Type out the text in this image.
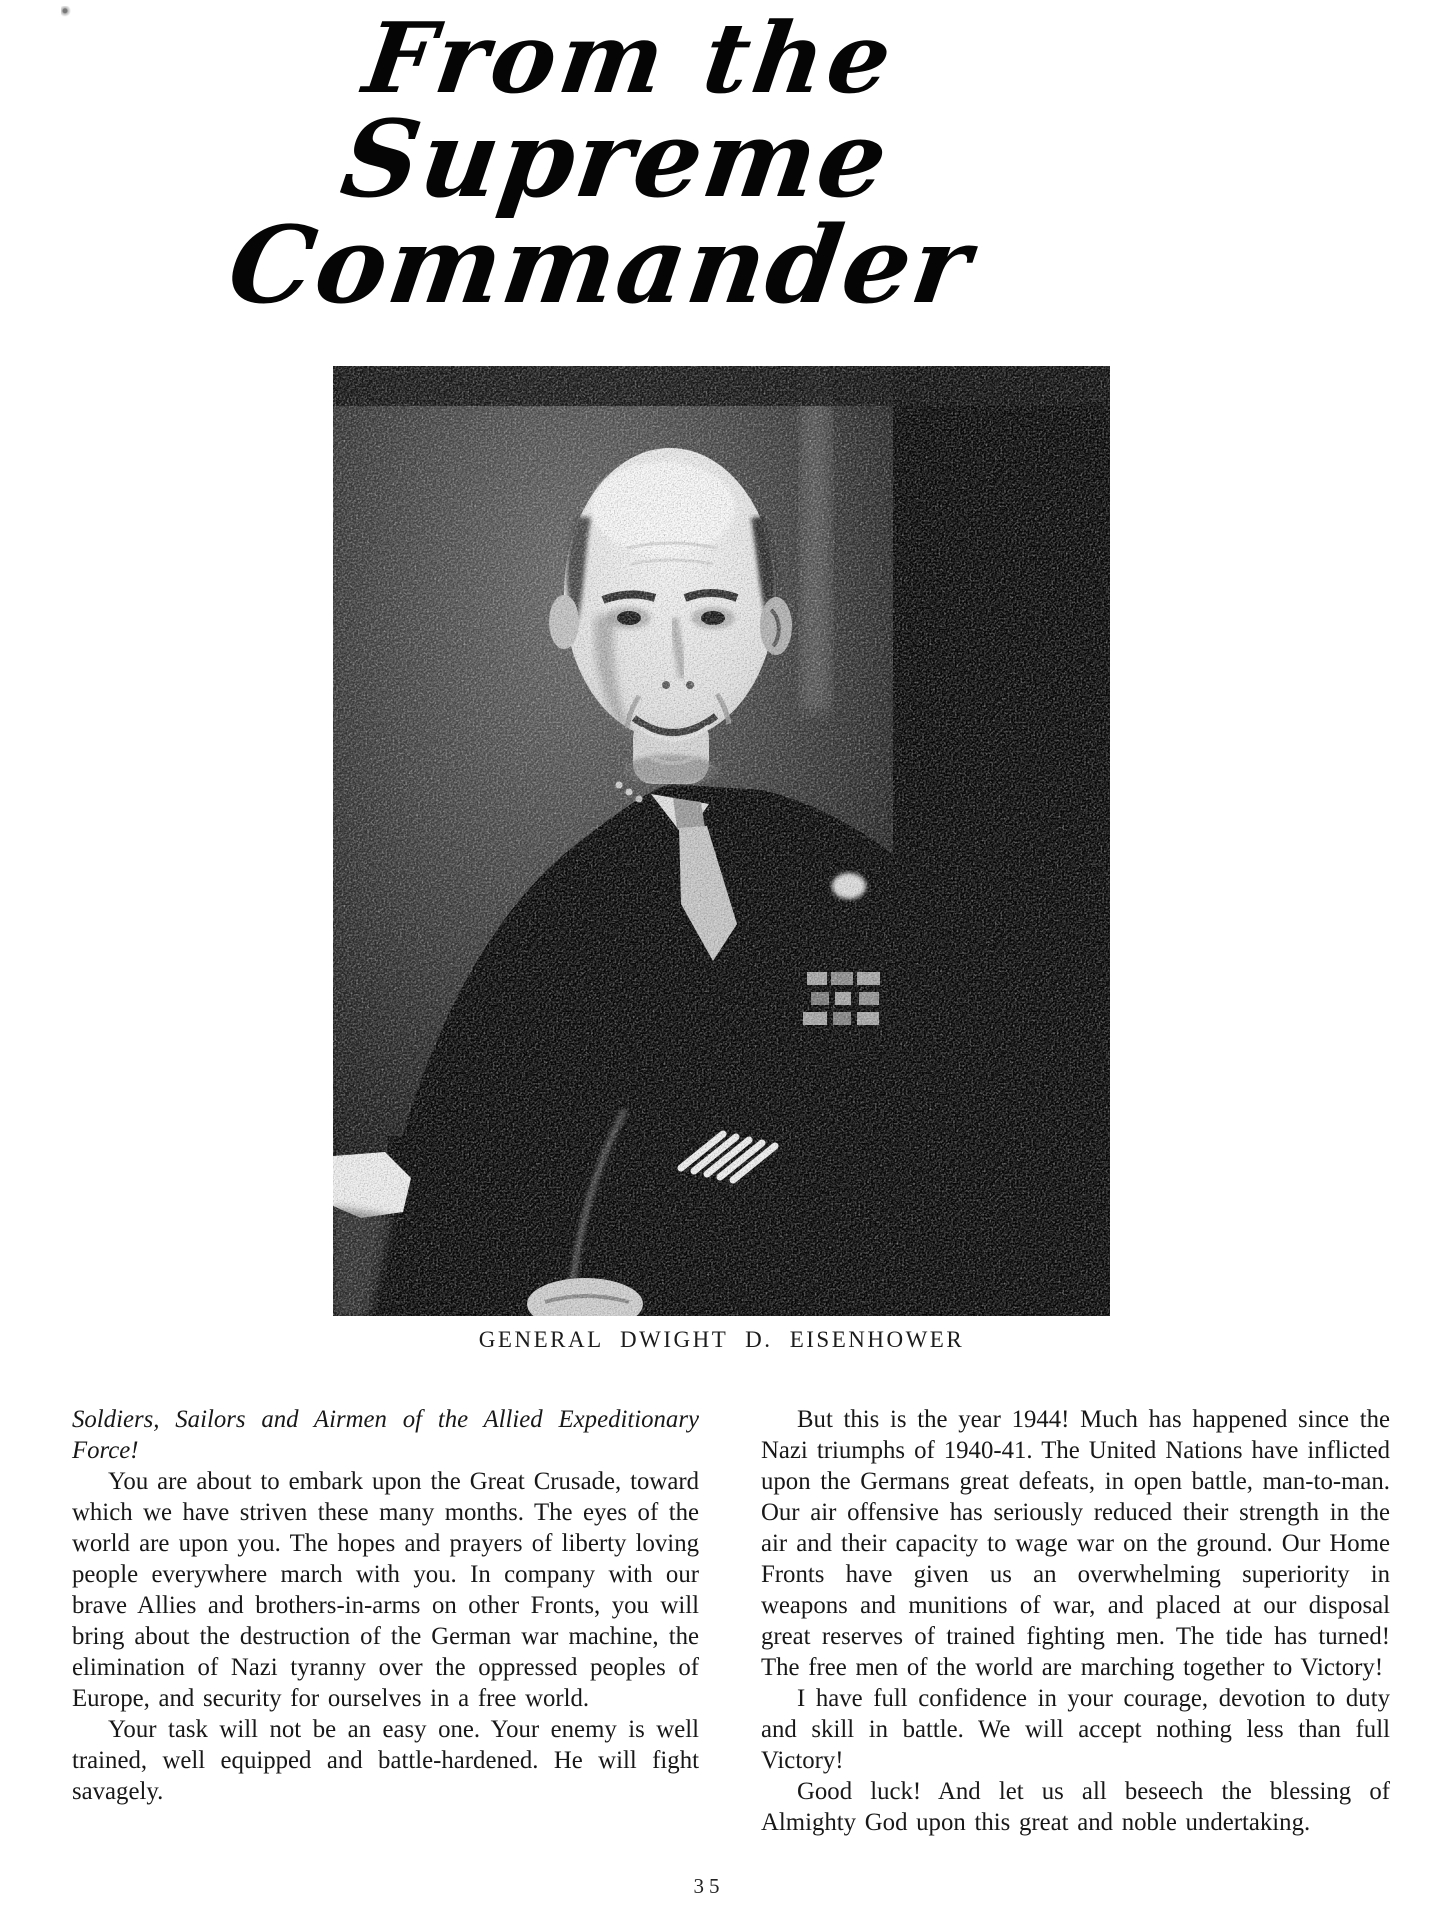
From the
Supreme Commander
GENERAL DWIGHT D. EISENHOWER

Soldiers, Sailors and Airmen of the Allied Expeditionary Force!

You are about to embark upon the Great Crusade, toward which we have striven these many months. The eyes of the world are upon you. The hopes and prayers of liberty loving people everywhere march with you. In company with our brave Allies and brothers-in-arms on other Fronts, you will bring about the destruction of the German war machine, the elimination of Nazi tyranny over the oppressed peoples of Europe, and security for ourselves in a free world.

Your task will not be an easy one. Your enemy is well trained, well equipped and battle-hardened. He will fight savagely.

But this is the year 1944! Much has happened since the Nazi triumphs of 1940-41. The United Nations have inflicted upon the Germans great defeats, in open battle, man-to-man. Our air offensive has seriously reduced their strength in the air and their capacity to wage war on the ground. Our Home Fronts have given us an overwhelming superiority in weapons and munitions of war, and placed at our disposal great reserves of trained fighting men. The tide has turned! The free men of the world are marching together to Victory!

I have full confidence in your courage, devotion to duty and skill in battle. We will accept nothing less than full Victory!

Good luck! And let us all beseech the blessing of Almighty God upon this great and noble undertaking.

35
